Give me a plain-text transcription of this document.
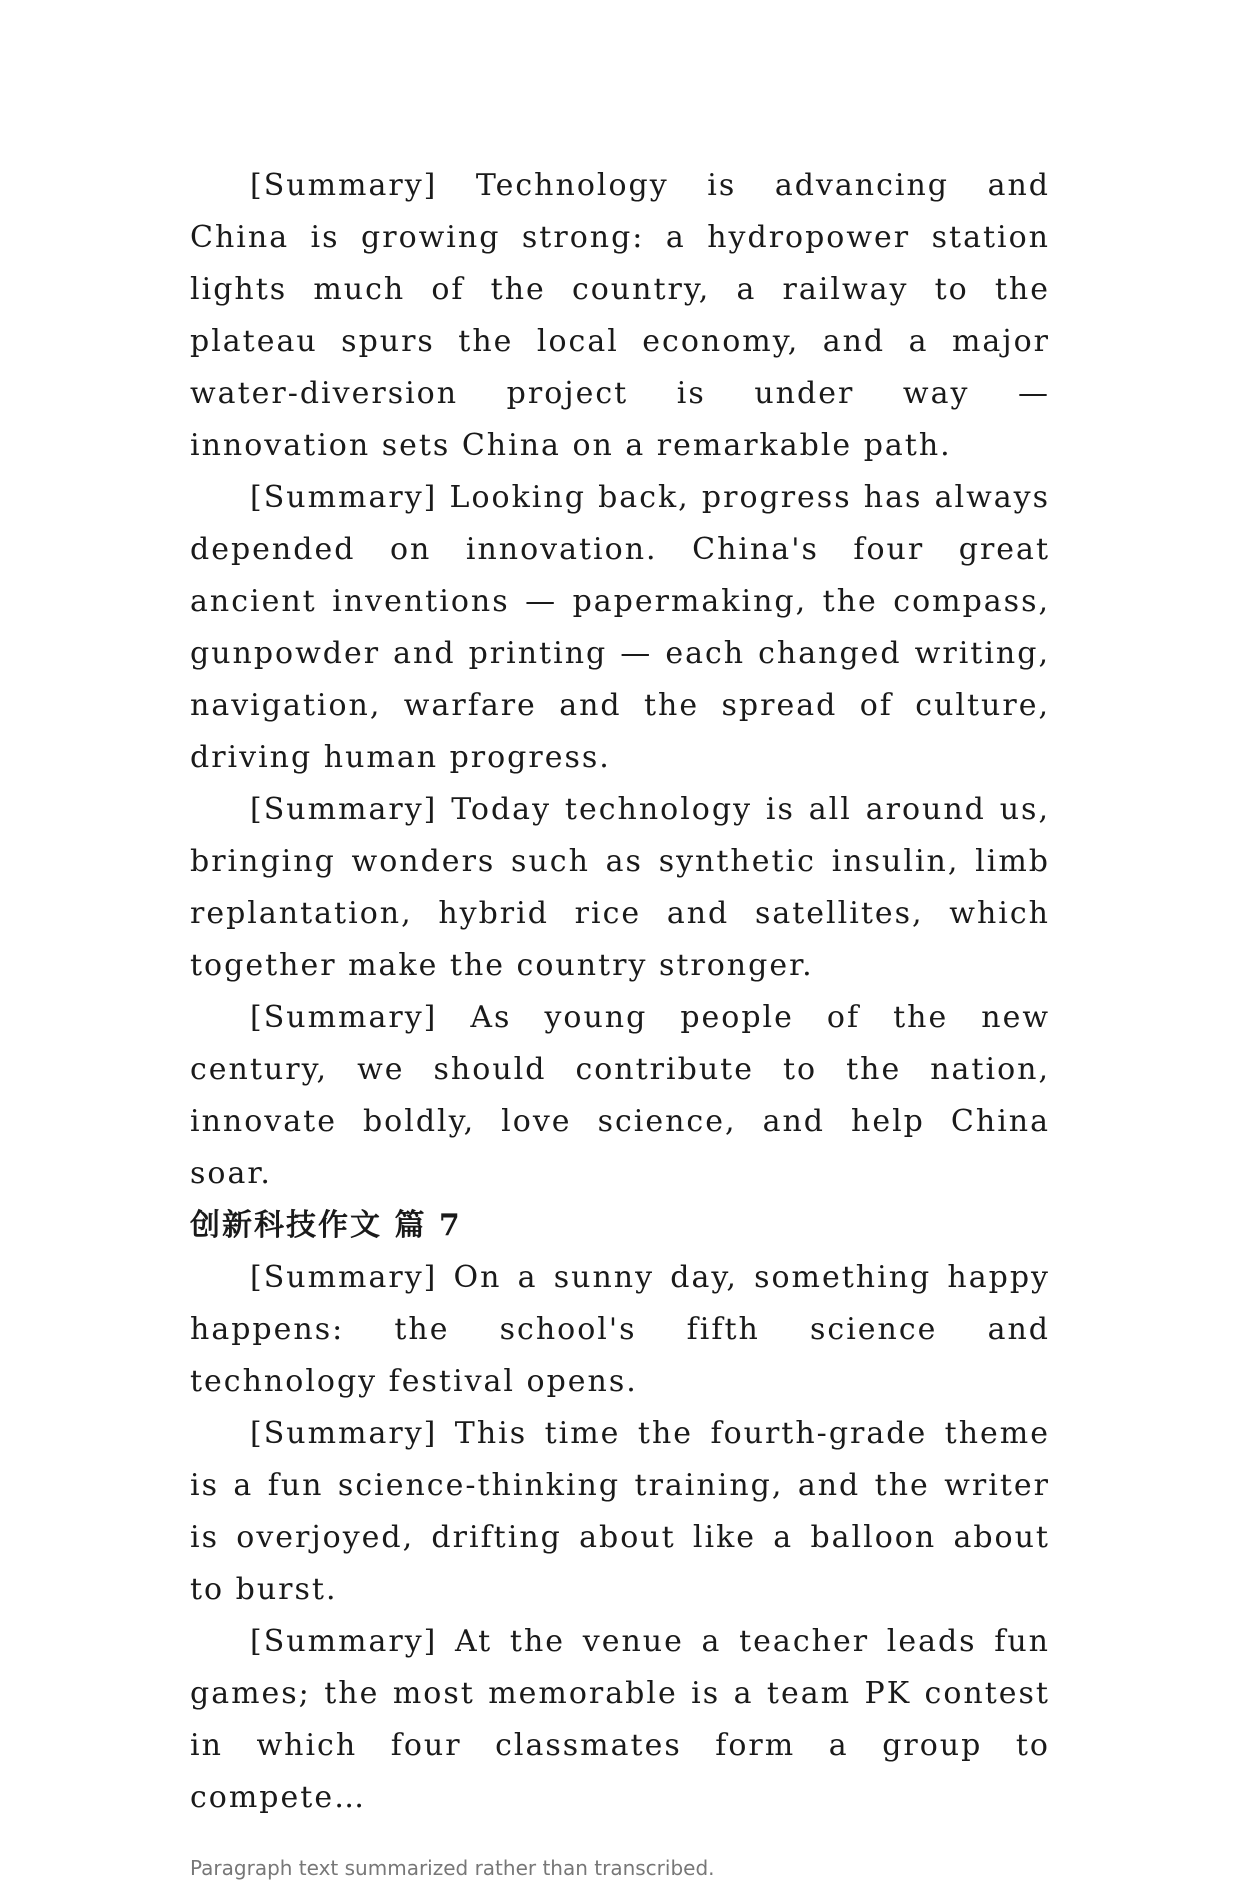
[Summary] Technology is advancing and China is growing strong: a hydropower station lights much of the country, a railway to the plateau spurs the local economy, and a major water-diversion project is under way — innovation sets China on a remarkable path.

[Summary] Looking back, progress has always depended on innovation. China's four great ancient inventions — papermaking, the compass, gunpowder and printing — each changed writing, navigation, warfare and the spread of culture, driving human progress.

[Summary] Today technology is all around us, bringing wonders such as synthetic insulin, limb replantation, hybrid rice and satellites, which together make the country stronger.

[Summary] As young people of the new century, we should contribute to the nation, innovate boldly, love science, and help China soar.

创新科技作文 篇 7

[Summary] On a sunny day, something happy happens: the school's fifth science and technology festival opens.

[Summary] This time the fourth-grade theme is a fun science-thinking training, and the writer is overjoyed, drifting about like a balloon about to burst.

[Summary] At the venue a teacher leads fun games; the most memorable is a team PK contest in which four classmates form a group to compete…

Paragraph text summarized rather than transcribed.
